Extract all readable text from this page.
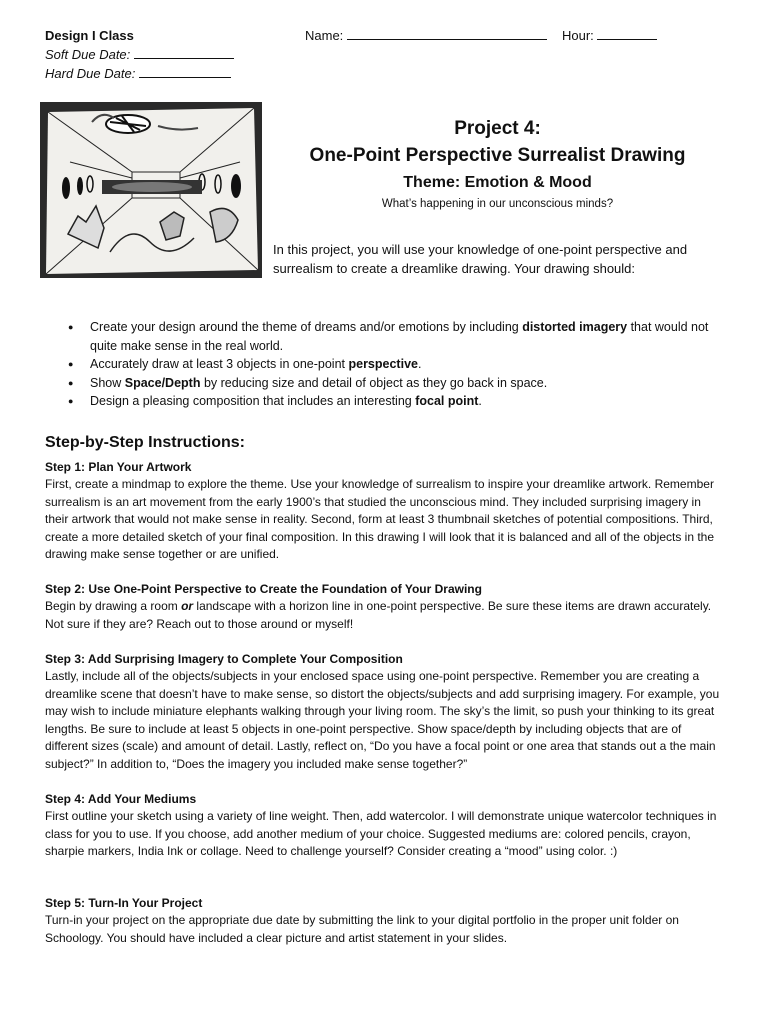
Design I Class
Soft Due Date:
Hard Due Date:
Name:	Hour:
Project 4:
One-Point Perspective Surrealist Drawing
Theme: Emotion & Mood
What’s happening in our unconscious minds?
In this project, you will use your knowledge of one-point perspective and surrealism to create a dreamlike drawing. Your drawing should:
● Create your design around the theme of dreams and/or emotions by including distorted imagery that would not quite make sense in the real world.
● Accurately draw at least 3 objects in one-point perspective.
● Show Space/Depth by reducing size and detail of object as they go back in space.
● Design a pleasing composition that includes an interesting focal point.
Step-by-Step Instructions:
Step 1: Plan Your Artwork
First, create a mindmap to explore the theme. Use your knowledge of surrealism to inspire your dreamlike artwork. Remember surrealism is an art movement from the early 1900’s that studied the unconscious mind. They included surprising imagery in their artwork that would not make sense in reality. Second, form at least 3 thumbnail sketches of potential compositions. Third, create a more detailed sketch of your final composition. In this drawing I will look that it is balanced and all of the objects in the drawing make sense together or are unified.
Step 2: Use One-Point Perspective to Create the Foundation of Your Drawing
Begin by drawing a room or landscape with a horizon line in one-point perspective. Be sure these items are drawn accurately. Not sure if they are? Reach out to those around or myself!
Step 3: Add Surprising Imagery to Complete Your Composition
Lastly, include all of the objects/subjects in your enclosed space using one-point perspective. Remember you are creating a dreamlike scene that doesn’t have to make sense, so distort the objects/subjects and add surprising imagery. For example, you may wish to include miniature elephants walking through your living room. The sky’s the limit, so push your thinking to its great lengths. Be sure to include at least 5 objects in one-point perspective. Show space/depth by including objects that are of different sizes (scale) and amount of detail. Lastly, reflect on, “Do you have a focal point or one area that stands out a the main subject?” In addition to, “Does the imagery you included make sense together?”
Step 4: Add Your Mediums
First outline your sketch using a variety of line weight. Then, add watercolor. I will demonstrate unique watercolor techniques in class for you to use. If you choose, add another medium of your choice. Suggested mediums are: colored pencils, crayon, sharpie markers, India Ink or collage. Need to challenge yourself? Consider creating a “mood” using color. :)
Step 5: Turn-In Your Project
Turn-in your project on the appropriate due date by submitting the link to your digital portfolio in the proper unit folder on Schoology. You should have included a clear picture and artist statement in your slides.
